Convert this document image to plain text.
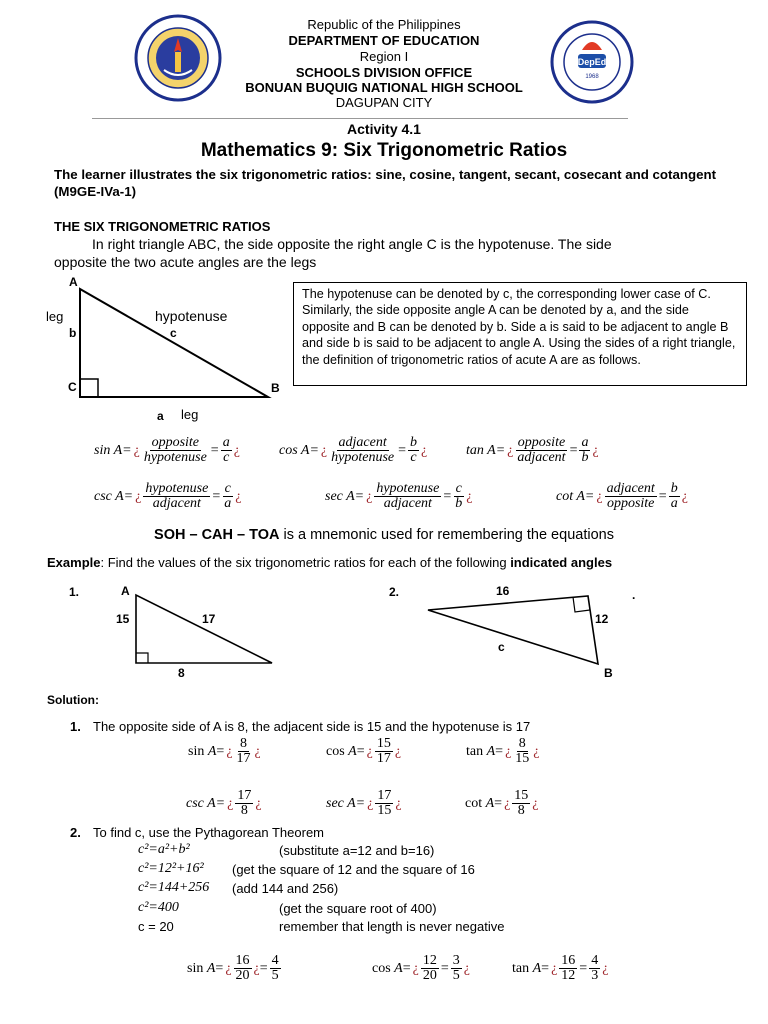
DepEd
1968
Republic of the Philippines
DEPARTMENT OF EDUCATION
Region I
SCHOOLS DIVISION OFFICE
BONUAN BUQUIG NATIONAL HIGH SCHOOL
DAGUPAN CITY
Activity 4.1
Mathematics 9: Six Trigonometric Ratios
The learner illustrates the six trigonometric ratios: sine, cosine, tangent, secant, cosecant and cotangent (M9GE-IVa-1)
THE SIX TRIGONOMETRIC RATIOS
In right triangle ABC, the side opposite the right angle C is the hypotenuse. The side
opposite the two acute angles are the legs
A
C	B
leg
b
hypotenuse
c
a leg
The hypotenuse can be denoted by c, the corresponding lower case of C. Similarly, the side opposite angle A can be denoted by a, and the side opposite and B can be denoted by b. Side a is said to be adjacent to angle B and side b is said to be adjacent to angle A. Using the sides of a right triangle, the definition of trigonometric ratios of acute A are as follows.
sin A= ¿ $\frac{\text{opposite}}{\text{hypotenuse}} = \frac{a}{c}$ ¿	cos A= ¿ $\frac{\text{adjacent}}{\text{hypotenuse}} = \frac{b}{c}$ ¿	tan A= ¿ $\frac{\text{opposite}}{\text{adjacent}} = \frac{a}{b}$ ¿
csc A= ¿ $\frac{\text{hypotenuse}}{\text{adjacent}} = \frac{c}{a}$ ¿	sec A= ¿ $\frac{\text{hypotenuse}}{\text{adjacent}} = \frac{c}{b}$ ¿	cot A= ¿ $\frac{\text{adjacent}}{\text{opposite}} = \frac{b}{a}$ ¿
SOH – CAH – TOA is a mnemonic used for remembering the equations
Example: Find the values of the six trigonometric ratios for each of the following indicated angles
1.	A
15	17
8
2.	16
12
c
B
.
Solution:
1. The opposite side of A is 8, the adjacent side is 15 and the hypotenuse is 17
sin A= ¿ $\frac{8}{17}$ ¿	cos A= ¿ $\frac{15}{17}$ ¿	tan A= ¿ $\frac{8}{15}$ ¿
csc A= ¿ $\frac{17}{8}$ ¿	sec A= ¿ $\frac{17}{15}$ ¿	cot A= ¿ $\frac{15}{8}$ ¿
2. To find c, use the Pythagorean Theorem
c²=a²+b²	(substitute a=12 and b=16)
c²=12²+16² (get the square of 12 and the square of 16
c²=144+256 (add 144 and 256)
c²=400	(get the square root of 400)
c = 20	remember that length is never negative
sin A= ¿ $\frac{16}{20}$ ¿ = $\frac{4}{5}$	cos A= ¿ $\frac{12}{20} = \frac{3}{5}$ ¿	tan A= ¿ $\frac{16}{12} = \frac{4}{3}$ ¿
